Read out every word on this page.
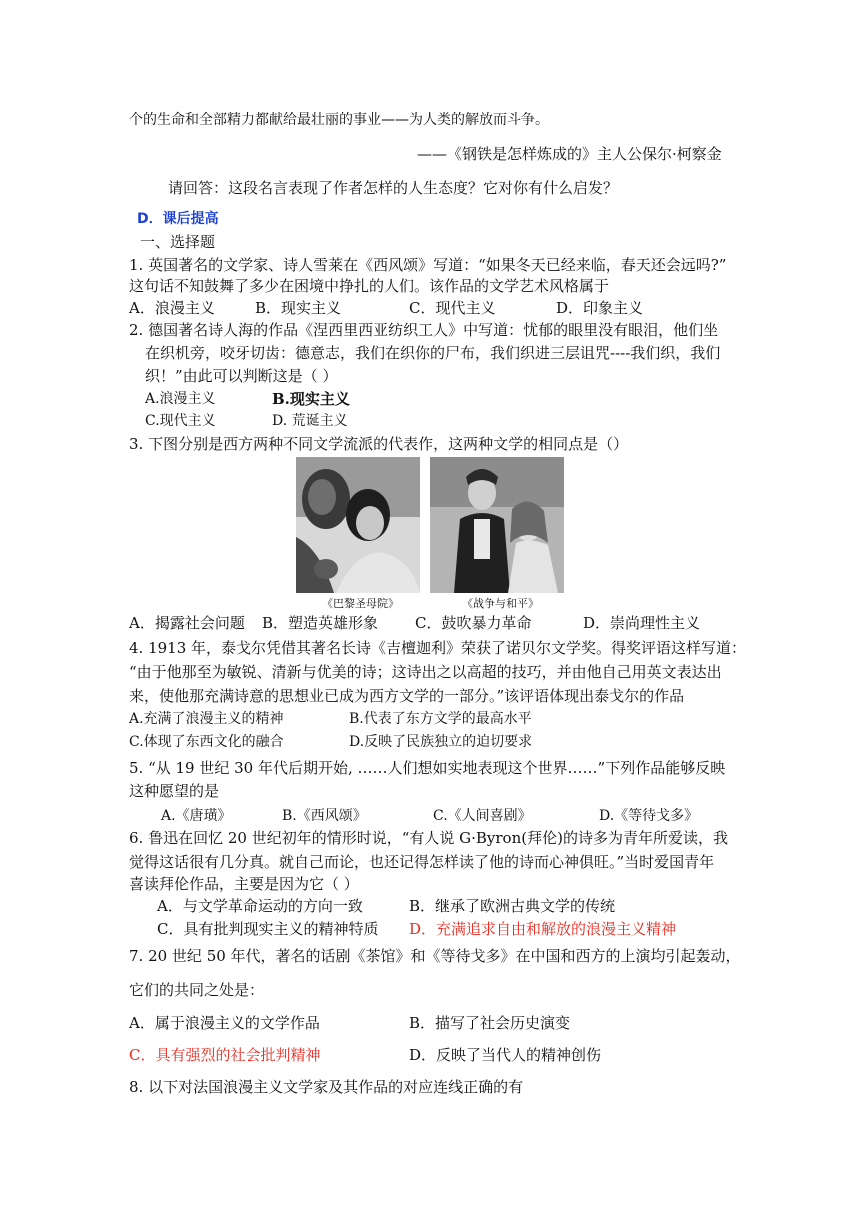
个的生命和全部精力都献给最壮丽的事业——为人类的解放而斗争。
——《钢铁是怎样炼成的》主人公保尔·柯察金
请回答：这段名言表现了作者怎样的人生态度？它对你有什么启发？
D．课后提高
一、选择题
1. 英国著名的文学家、诗人雪莱在《西风颂》写道：“如果冬天已经来临，春天还会远吗?”
这句话不知鼓舞了多少在困境中挣扎的人们。该作品的文学艺术风格属于
A．浪漫主义	B．现实主义	C．现代主义	D．印象主义
2. 德国著名诗人海的作品《涅西里西亚纺织工人》中写道：忧郁的眼里没有眼泪，他们坐
在织机旁，咬牙切齿：德意志，我们在织你的尸布，我们织进三层诅咒----我们织，我们
织！”由此可以判断这是（ ）
A.浪漫主义	B.现实主义
C.现代主义	D. 荒诞主义
3. 下图分别是西方两种不同文学流派的代表作，这两种文学的相同点是（）
《巴黎圣母院》	《战争与和平》
A．揭露社会问题 B．塑造英雄形象 C．鼓吹暴力革命	D．崇尚理性主义
4. 1913 年，泰戈尔凭借其著名长诗《吉檀迦利》荣获了诺贝尔文学奖。得奖评语这样写道：
“由于他那至为敏锐、清新与优美的诗；这诗出之以高超的技巧，并由他自己用英文表达出
来，使他那充满诗意的思想业已成为西方文学的一部分。”该评语体现出泰戈尔的作品
A.充满了浪漫主义的精神	B.代表了东方文学的最高水平
C.体现了东西文化的融合	D.反映了民族独立的迫切要求
5. “从 19 世纪 30 年代后期开始, ……人们想如实地表现这个世界……”下列作品能够反映
这种愿望的是
A.《唐璜》	B.《西风颂》	C.《人间喜剧》	D.《等待戈多》
6. 鲁迅在回忆 20 世纪初年的情形时说，“有人说 G·Byron(拜伦)的诗多为青年所爱读，我
觉得这话很有几分真。就自己而论，也还记得怎样读了他的诗而心神俱旺。”当时爱国青年
喜读拜伦作品，主要是因为它（ ）
A．与文学革命运动的方向一致	B．继承了欧洲古典文学的传统
C．具有批判现实主义的精神特质 D．充满追求自由和解放的浪漫主义精神
7. 20 世纪 50 年代，著名的话剧《茶馆》和《等待戈多》在中国和西方的上演均引起轰动，
它们的共同之处是：
A．属于浪漫主义的文学作品	B．描写了社会历史演变
C．具有强烈的社会批判精神	D．反映了当代人的精神创伤
8. 以下对法国浪漫主义文学家及其作品的对应连线正确的有
